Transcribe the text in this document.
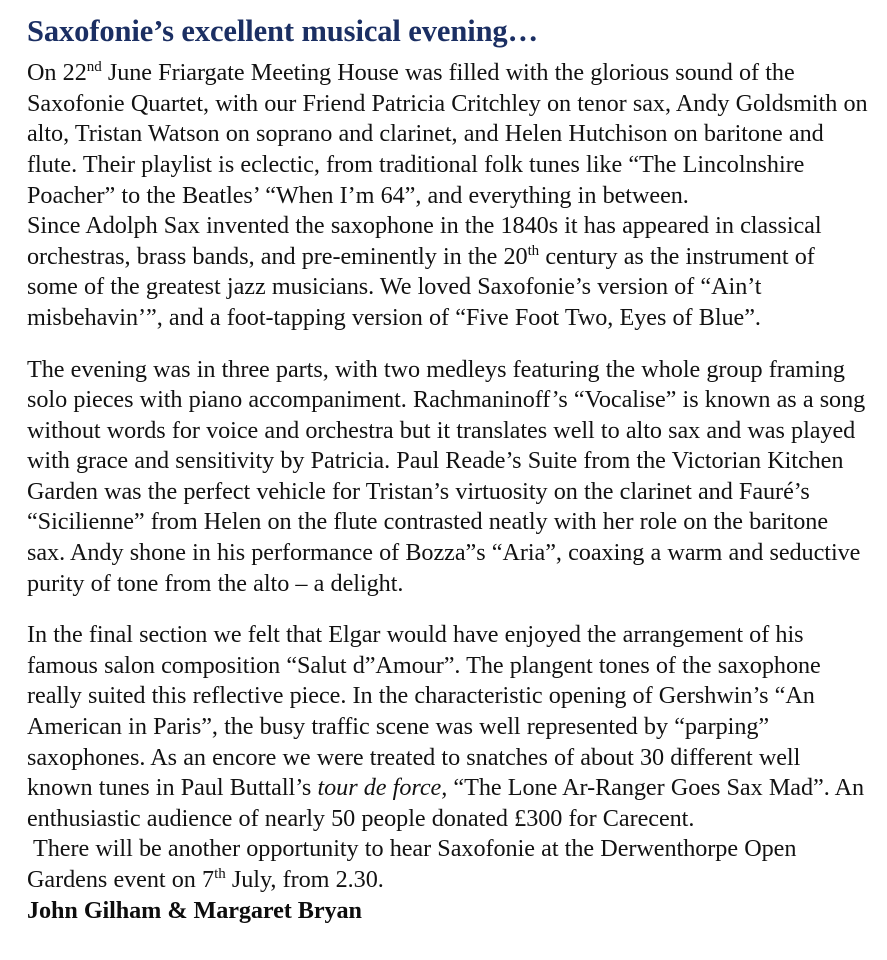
Saxofonie’s excellent musical evening…

On 22nd June Friargate Meeting House was filled with the glorious sound of the Saxofonie Quartet, with our Friend Patricia Critchley on tenor sax, Andy Goldsmith on alto, Tristan Watson on soprano and clarinet, and Helen Hutchison on baritone and flute. Their playlist is eclectic, from traditional folk tunes like “The Lincolnshire Poacher” to the Beatles’ “When I’m 64”, and everything in between.

Since Adolph Sax invented the saxophone in the 1840s it has appeared in classical orchestras, brass bands, and pre-eminently in the 20th century as the instrument of some of the greatest jazz musicians. We loved Saxofonie’s version of “Ain’t misbehavin’”, and a foot-tapping version of “Five Foot Two, Eyes of Blue”.

The evening was in three parts, with two medleys featuring the whole group framing solo pieces with piano accompaniment. Rachmaninoff’s “Vocalise” is known as a song without words for voice and orchestra but it translates well to alto sax and was played with grace and sensitivity by Patricia. Paul Reade’s Suite from the Victorian Kitchen Garden was the perfect vehicle for Tristan’s virtuosity on the clarinet and Fauré’s “Sicilienne” from Helen on the flute contrasted neatly with her role on the baritone sax. Andy shone in his performance of Bozza”s “Aria”, coaxing a warm and seductive purity of tone from the alto – a delight.

In the final section we felt that Elgar would have enjoyed the arrangement of his famous salon composition “Salut d”Amour”. The plangent tones of the saxophone really suited this reflective piece. In the characteristic opening of Gershwin’s “An American in Paris”, the busy traffic scene was well represented by “parping” saxophones. As an encore we were treated to snatches of about 30 different well known tunes in Paul Buttall’s tour de force, “The Lone Ar-Ranger Goes Sax Mad”. An enthusiastic audience of nearly 50 people donated £300 for Carecent.

There will be another opportunity to hear Saxofonie at the Derwenthorpe Open Gardens event on 7th July, from 2.30.

John Gilham & Margaret Bryan
